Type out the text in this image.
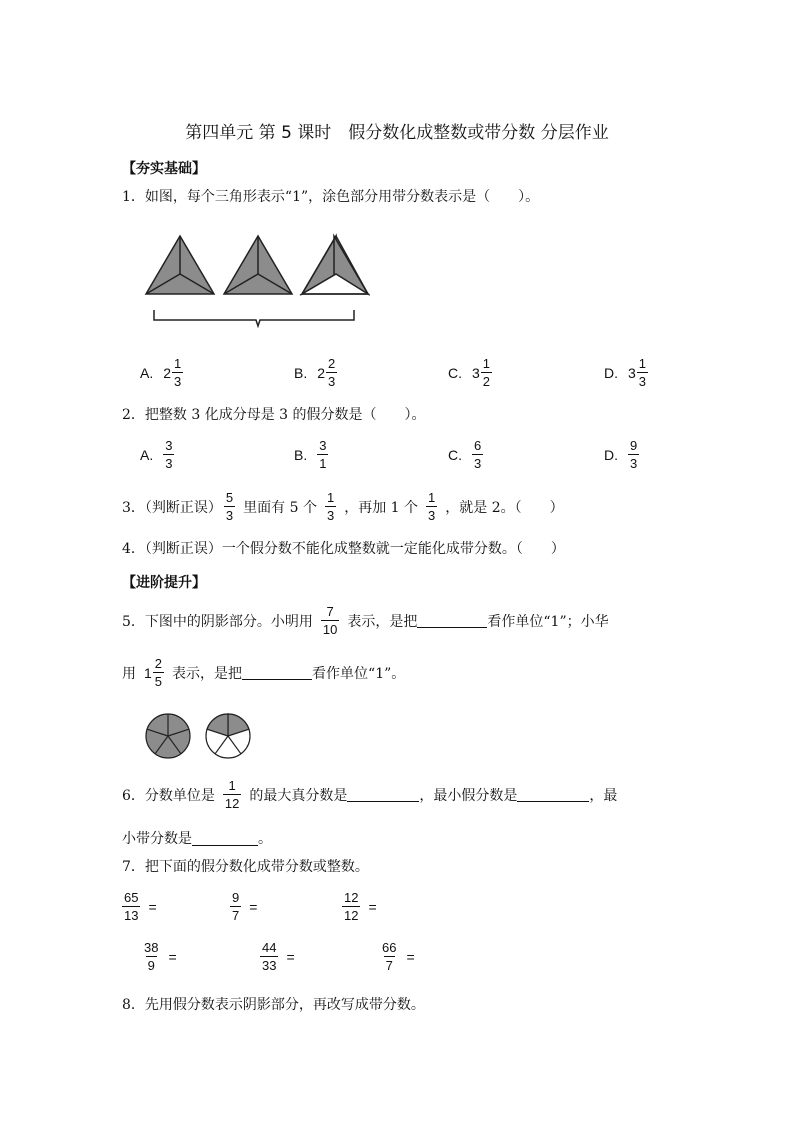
第四单元 第 5 课时　假分数化成整数或带分数 分层作业
【夯实基础】
1．如图，每个三角形表示“1”，涂色部分用带分数表示是（　　）。
A. $2 \frac{1}{3}$	B. $2 \frac{2}{3}$	C. $3 \frac{1}{2}$	D. $3 \frac{1}{3}$
2．把整数 3 化成分母是 3 的假分数是（　　）。
A. $\frac{3}{3}$	B. $\frac{3}{1}$	C. $\frac{6}{3}$	D. $\frac{9}{3}$
3．（判断正误） $\frac{5}{3}$ 里面有 5 个 $\frac{1}{3}$ ，再加 1 个 $\frac{1}{3}$ ，就是 2。（　　）
4．（判断正误）一个假分数不能化成整数就一定能化成带分数。（　　）
【进阶提升】
5．下图中的阴影部分。小明用 $\frac{7}{10}$ 表示，是把	看作单位“1”；小华
用 $1 \frac{2}{5}$ 表示，是把	看作单位“1”。
6．分数单位是 $\frac{1}{12}$ 的最大真分数是	，最小假分数是	，最
小带分数是	。
7．把下面的假分数化成带分数或整数。
$\frac{65}{13}$ =	$\frac{9}{7}$ =	$\frac{12}{12}$ =
$\frac{38}{9}$ =	$\frac{44}{33}$ =	$\frac{66}{7}$ =
8．先用假分数表示阴影部分，再改写成带分数。
